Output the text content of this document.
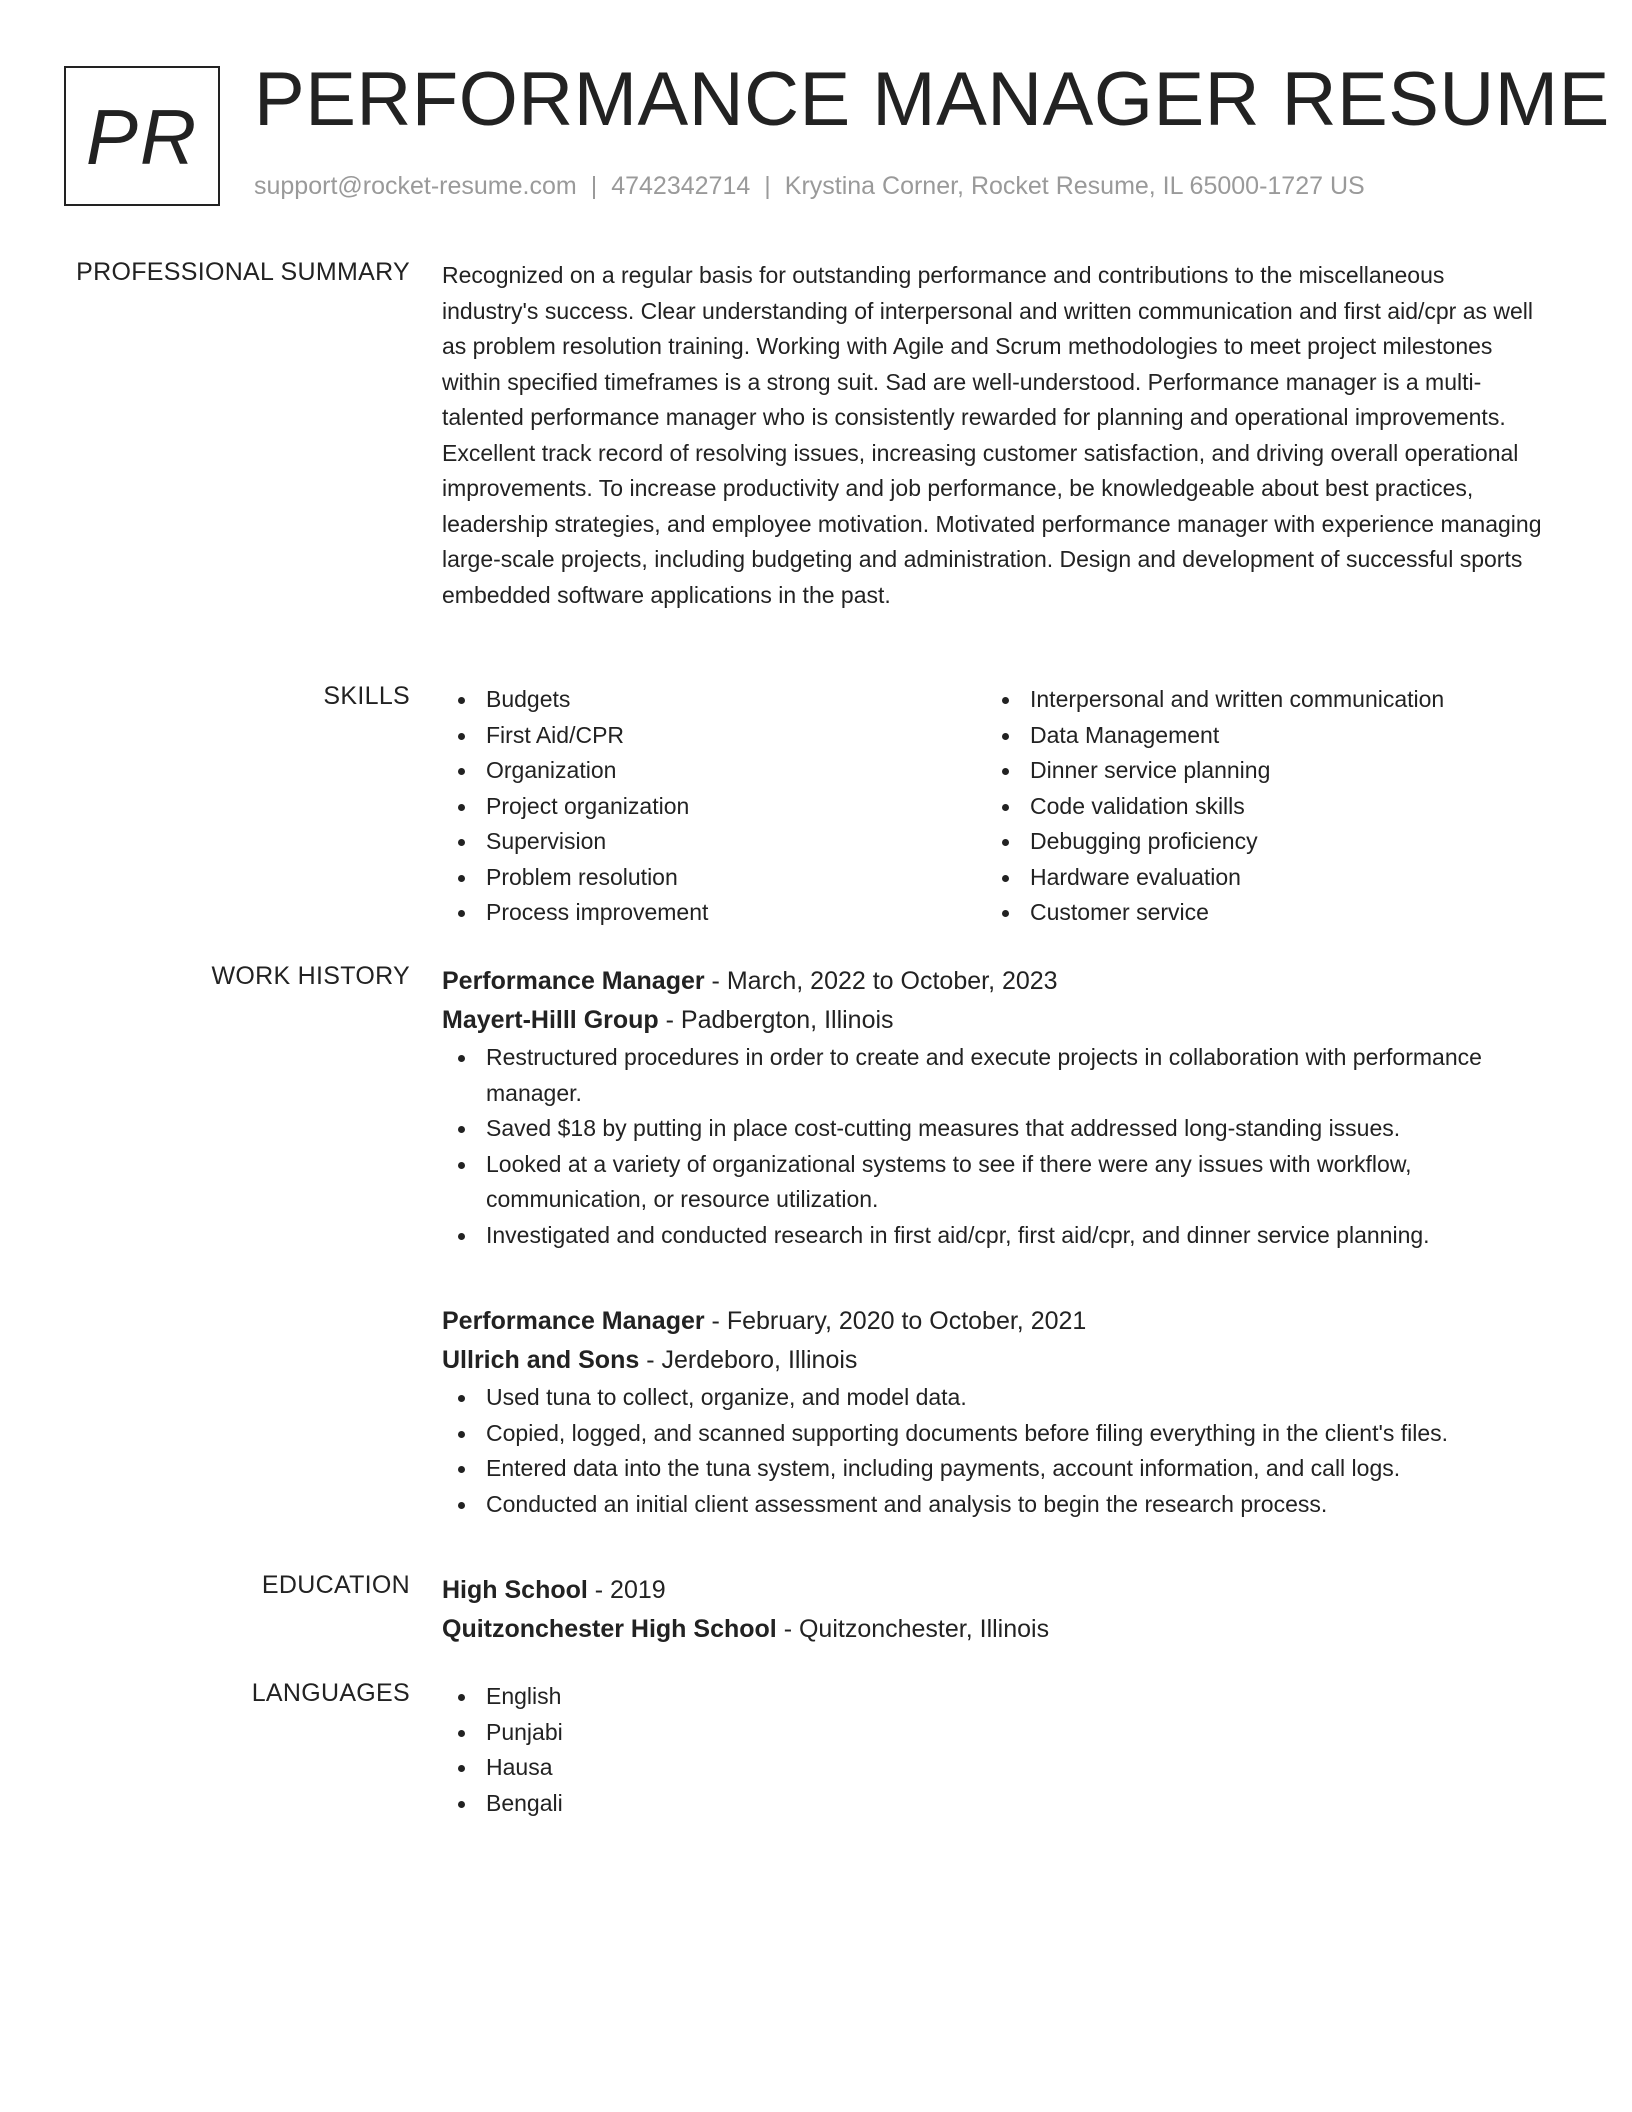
PR PERFORMANCE MANAGER RESUME
support@rocket-resume.com | 4742342714 | Krystina Corner, Rocket Resume, IL 65000-1727 US
PROFESSIONAL SUMMARY Recognized on a regular basis for outstanding performance and contributions to the miscellaneous industry's success. Clear understanding of interpersonal and written communication and first aid/cpr as well as problem resolution training. Working with Agile and Scrum methodologies to meet project milestones within specified timeframes is a strong suit. Sad are well-understood. Performance manager is a multi-talented performance manager who is consistently rewarded for planning and operational improvements. Excellent track record of resolving issues, increasing customer satisfaction, and driving overall operational improvements. To increase productivity and job performance, be knowledgeable about best practices, leadership strategies, and employee motivation. Motivated performance manager with experience managing large-scale projects, including budgeting and administration. Design and development of successful sports embedded software applications in the past.

SKILLS	Budgets
First Aid/CPR
Organization
Project organization
Supervision
Problem resolution
Process improvement
Interpersonal and written communication
Data Management
Dinner service planning
Code validation skills
Debugging proficiency
Hardware evaluation
Customer service
WORK HISTORY Performance Manager - March, 2022 to October, 2023
Mayert-Hilll Group - Padbergton, Illinois
Restructured procedures in order to create and execute projects in collaboration with performance manager.
Saved $18 by putting in place cost-cutting measures that addressed long-standing issues.
Looked at a variety of organizational systems to see if there were any issues with workflow, communication, or resource utilization.
Investigated and conducted research in first aid/cpr, first aid/cpr, and dinner service planning.
Performance Manager - February, 2020 to October, 2021
Ullrich and Sons - Jerdeboro, Illinois
Used tuna to collect, organize, and model data.
Copied, logged, and scanned supporting documents before filing everything in the client's files.
Entered data into the tuna system, including payments, account information, and call logs.
Conducted an initial client assessment and analysis to begin the research process.
EDUCATION High School - 2019
Quitzonchester High School - Quitzonchester, Illinois
LANGUAGES	English
Punjabi
Hausa
Bengali
